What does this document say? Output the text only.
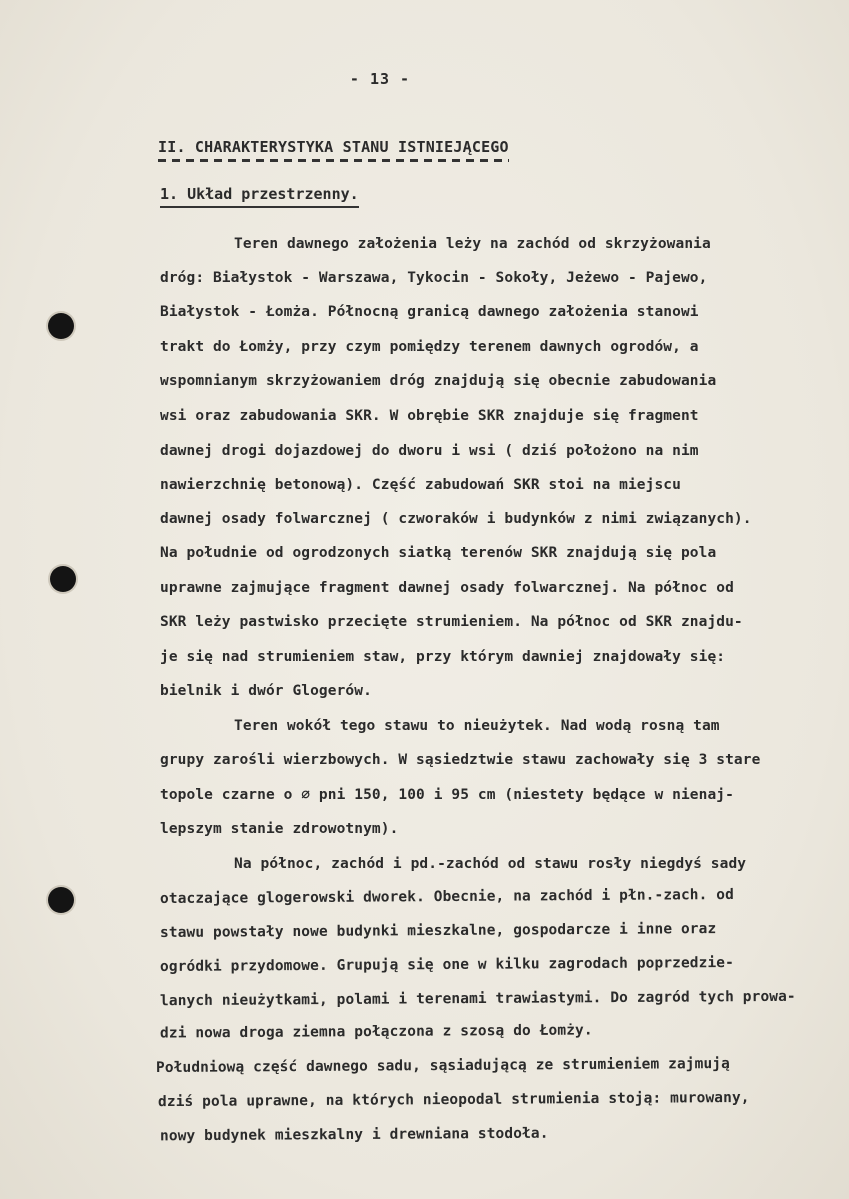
- 13 -
II. CHARAKTERYSTYKA STANU ISTNIEJĄCEGO
1. Układ przestrzenny.
Teren dawnego założenia leży na zachód od skrzyżowania
dróg: Białystok - Warszawa, Tykocin - Sokoły, Jeżewo - Pajewo,
Białystok - Łomża. Północną granicą dawnego założenia stanowi
trakt do Łomży, przy czym pomiędzy terenem dawnych ogrodów, a
wspomnianym skrzyżowaniem dróg znajdują się obecnie zabudowania
wsi oraz zabudowania SKR. W obrębie SKR znajduje się fragment
dawnej drogi dojazdowej do dworu i wsi ( dziś położono na nim
nawierzchnię betonową). Część zabudowań SKR stoi na miejscu
dawnej osady folwarcznej ( czworaków i budynków z nimi związanych).
Na południe od ogrodzonych siatką terenów SKR znajdują się pola
uprawne zajmujące fragment dawnej osady folwarcznej. Na północ od
SKR leży pastwisko przecięte strumieniem. Na północ od SKR znajdu-
je się nad strumieniem staw, przy którym dawniej znajdowały się:
bielnik i dwór Glogerów.
Teren wokół tego stawu to nieużytek. Nad wodą rosną tam
grupy zarośli wierzbowych. W sąsiedztwie stawu zachowały się 3 stare
topole czarne o ⌀ pni 150, 100 i 95 cm (niestety będące w nienaj-
lepszym stanie zdrowotnym).
Na północ, zachód i pd.-zachód od stawu rosły niegdyś sady
otaczające glogerowski dworek. Obecnie, na zachód i płn.-zach. od
stawu powstały nowe budynki mieszkalne, gospodarcze i inne oraz
ogródki przydomowe. Grupują się one w kilku zagrodach poprzedzie-
lanych nieużytkami, polami i terenami trawiastymi. Do zagród tych prowa-
dzi nowa droga ziemna połączona z szosą do Łomży.
Południową część dawnego sadu, sąsiadującą ze strumieniem zajmują
dziś pola uprawne, na których nieopodal strumienia stoją: murowany,
nowy budynek mieszkalny i drewniana stodoła.
